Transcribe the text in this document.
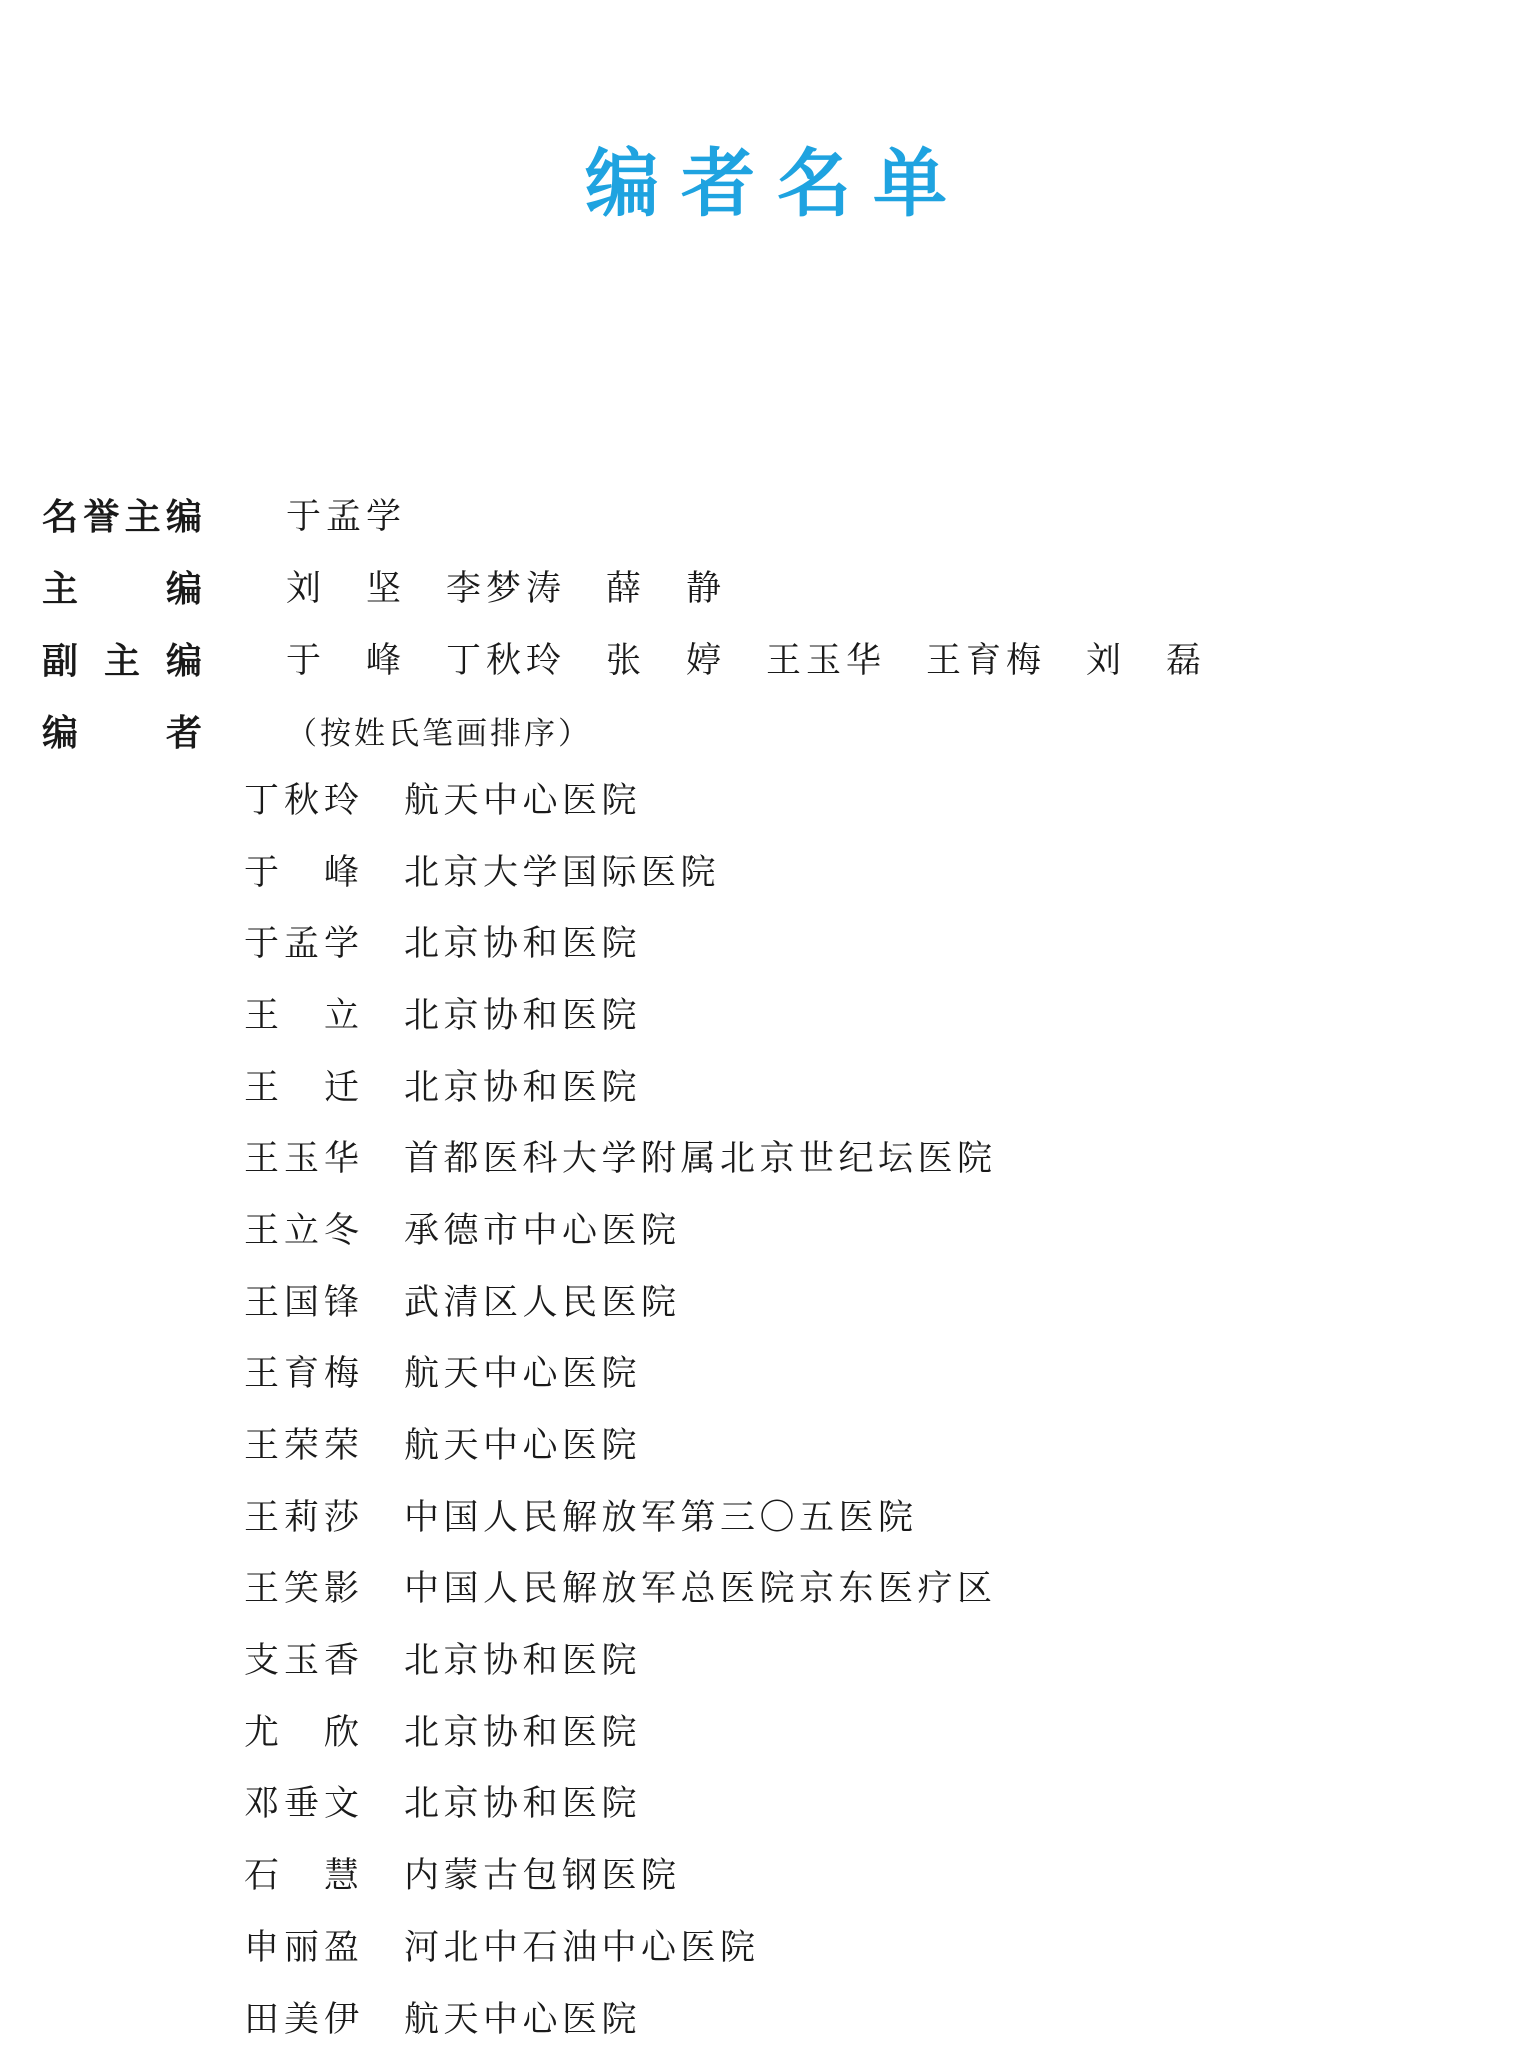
编者名单
名 誉 主 编 于 孟 学
主 编 刘 坚 李 梦 涛 薛 静
副 主 编 于 峰 丁 秋 玲 张 婷 王 玉 华 王 育 梅 刘 磊
编 者	（按姓氏笔画排序）
丁 秋 玲 航天中心医院
于 峰 北京大学国际医院
于 孟 学 北京协和医院
王 立 北京协和医院
王 迁 北京协和医院
王 玉 华 首都医科大学附属北京世纪坛医院
王 立 冬 承德市中心医院
王 国 锋 武清区人民医院
王 育 梅 航天中心医院
王 荣 荣 航天中心医院
王 莉 莎 中国人民解放军第三〇五医院
王 笑 影 中国人民解放军总医院京东医疗区
支 玉 香 北京协和医院
尤 欣 北京协和医院
邓 垂 文 北京协和医院
石 慧 内蒙古包钢医院
申 丽 盈 河北中石油中心医院
田 美 伊 航天中心医院
